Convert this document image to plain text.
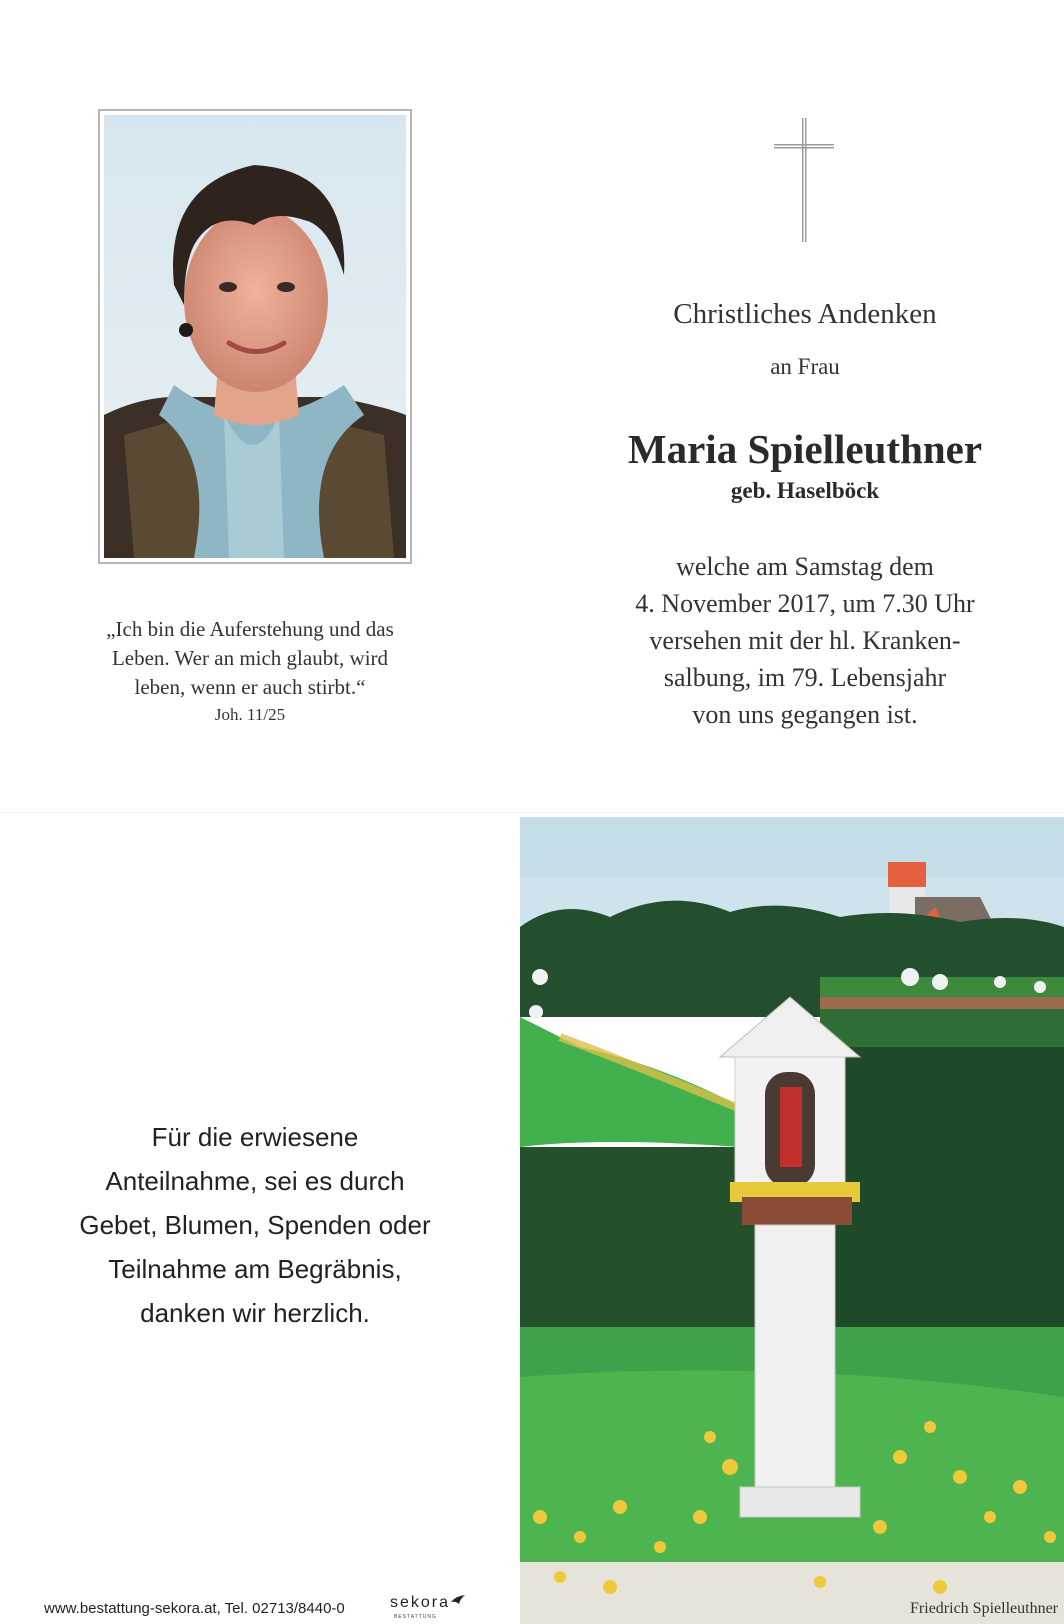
„Ich bin die Auferstehung und das
Leben. Wer an mich glaubt, wird
leben, wenn er auch stirbt.“
Joh. 11/25
Christliches Andenken
an Frau
Maria Spielleuthner
geb. Haselböck
welche am Samstag dem
4. November 2017, um 7.30 Uhr
versehen mit der hl. Kranken-
salbung, im 79. Lebensjahr
von uns gegangen ist.
Für die erwiesene
Anteilnahme, sei es durch
Gebet, Blumen, Spenden oder
Teilnahme am Begräbnis,
danken wir herzlich.
www.bestattung-sekora.at, Tel. 02713/8440-0	sekora
BESTATTUNG	Friedrich Spielleuthner
